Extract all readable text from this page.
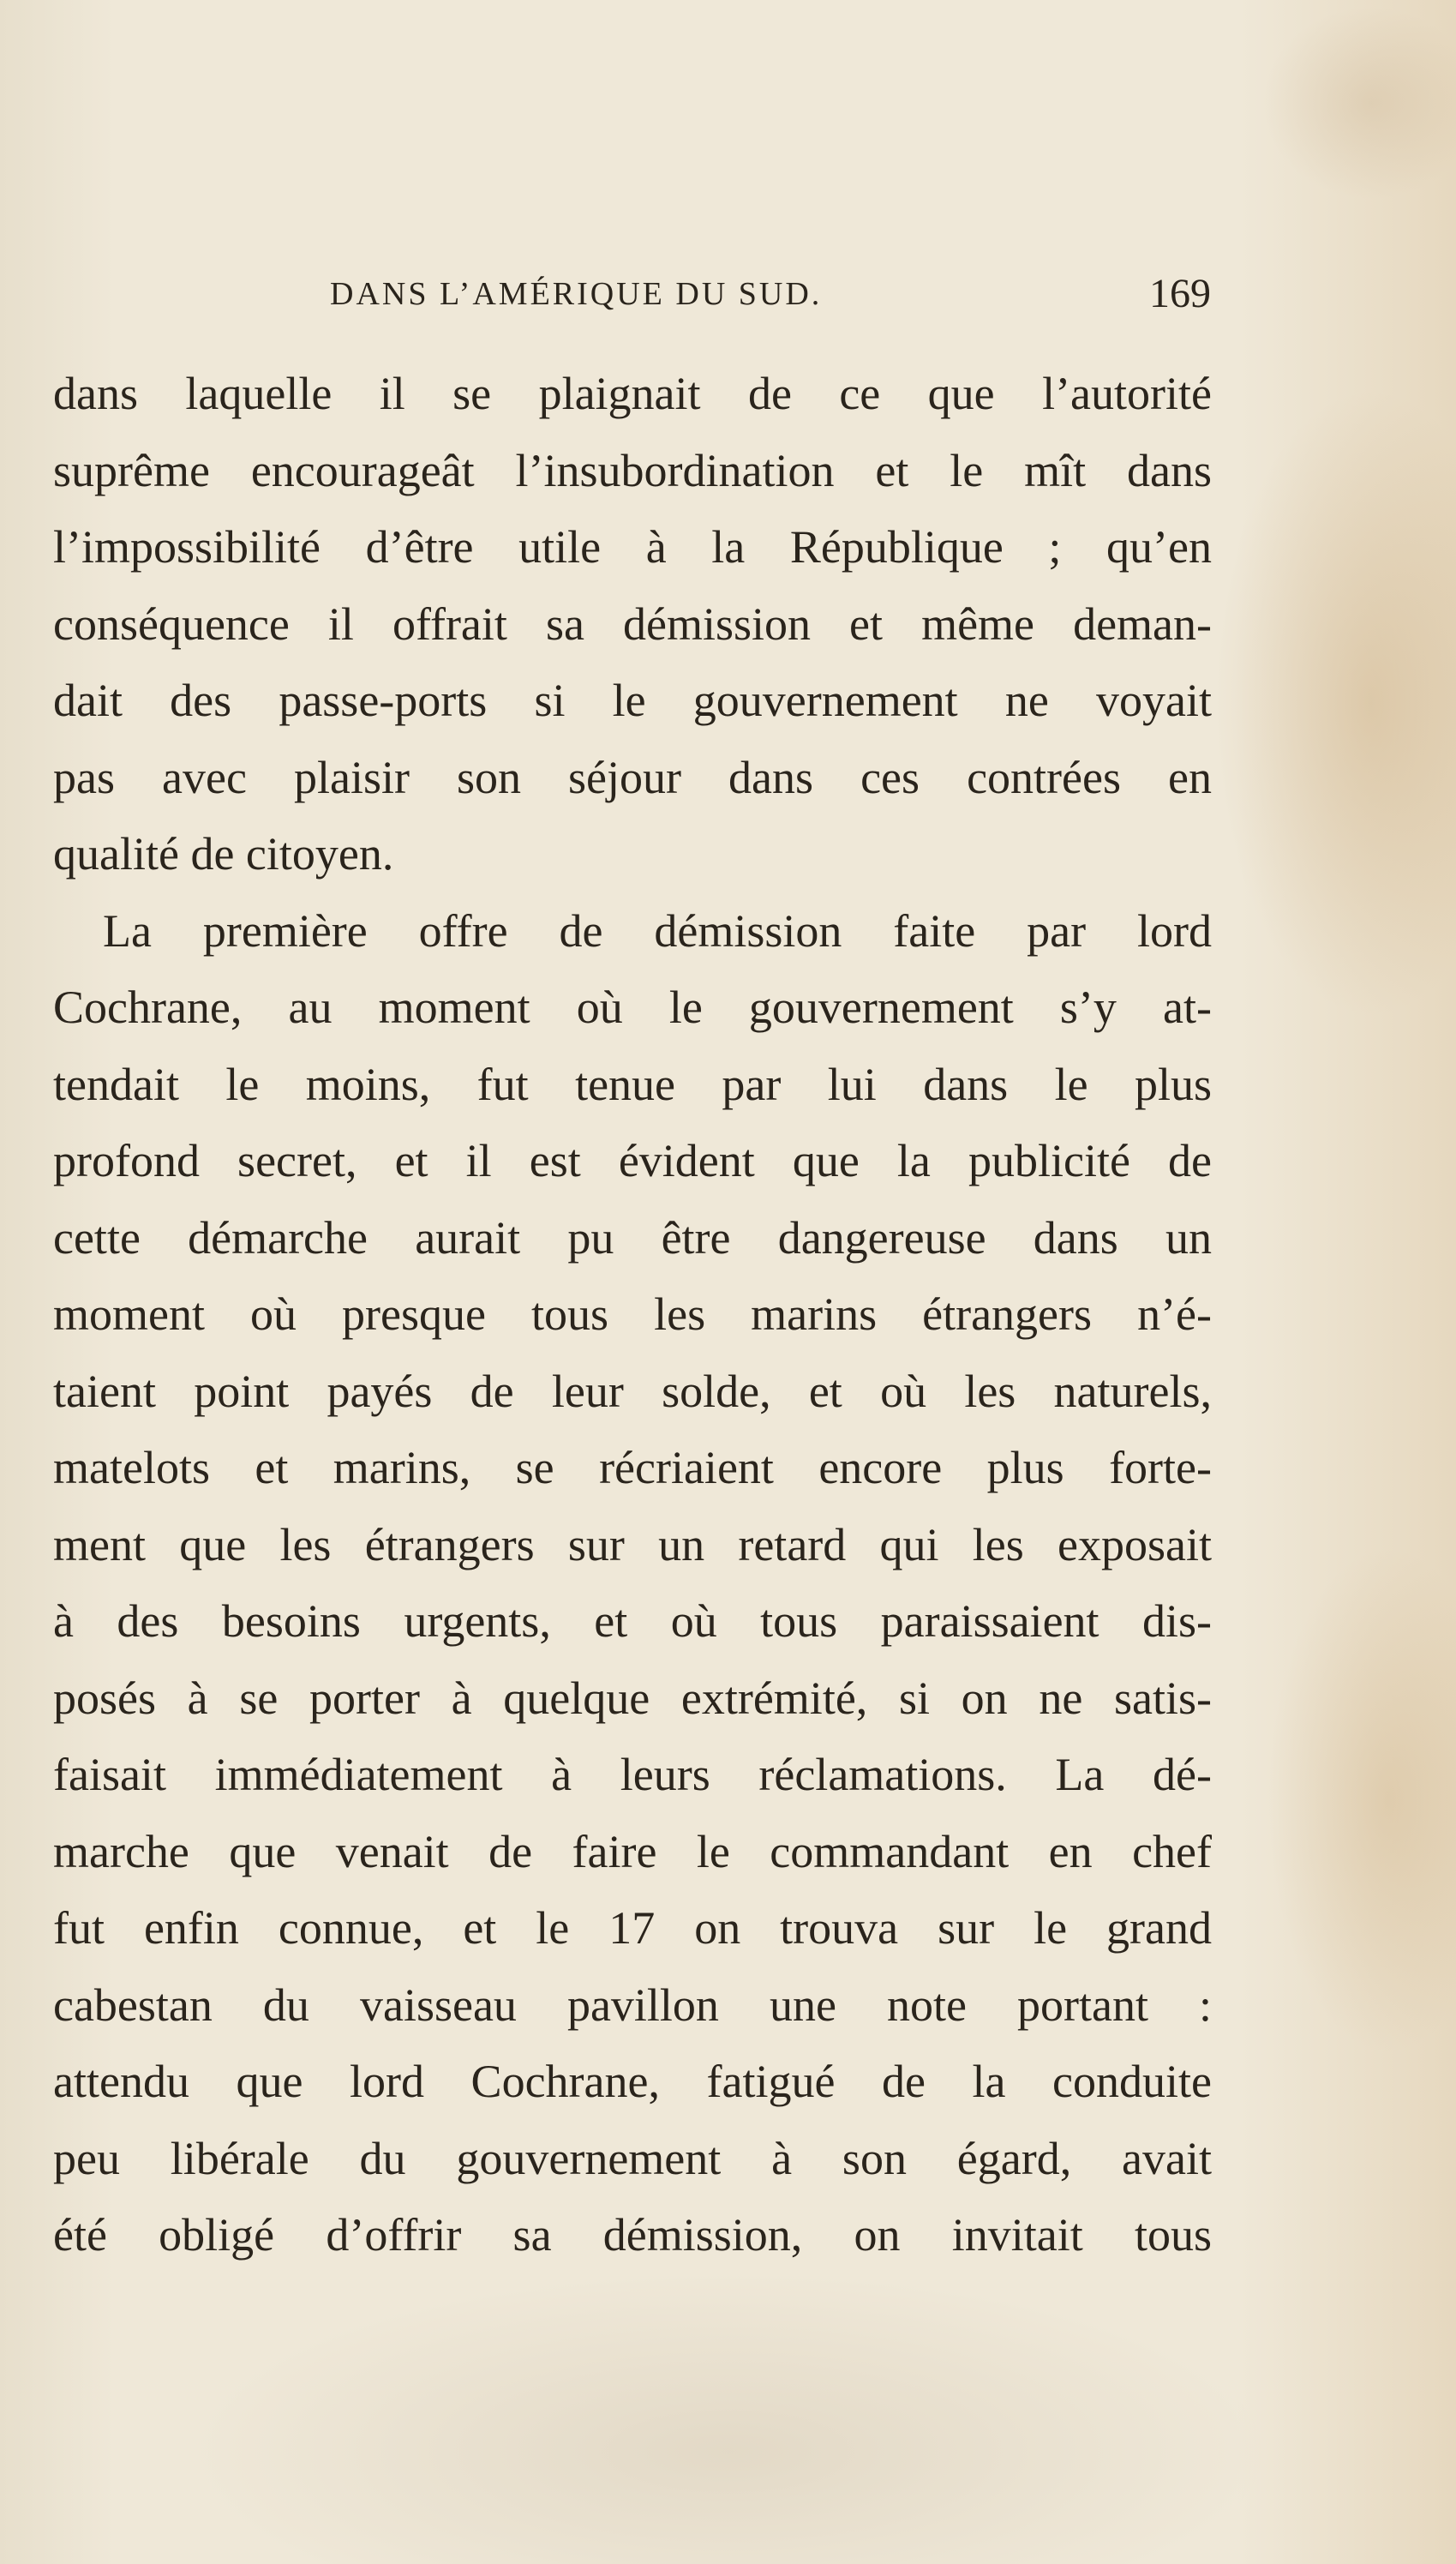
DANS L’AMÉRIQUE DU SUD.	169
dans laquelle il se plaignait de ce que l’autorité
suprême encourageât l’insubordination et le mît dans
l’impossibilité d’être utile à la République ; qu’en
conséquence il offrait sa démission et même deman-
dait des passe-ports si le gouvernement ne voyait
pas avec plaisir son séjour dans ces contrées en
qualité de citoyen.
La première offre de démission faite par lord
Cochrane, au moment où le gouvernement s’y at-
tendait le moins, fut tenue par lui dans le plus
profond secret, et il est évident que la publicité de
cette démarche aurait pu être dangereuse dans un
moment où presque tous les marins étrangers n’é-
taient point payés de leur solde, et où les naturels,
matelots et marins, se récriaient encore plus forte-
ment que les étrangers sur un retard qui les exposait
à des besoins urgents, et où tous paraissaient dis-
posés à se porter à quelque extrémité, si on ne satis-
faisait immédiatement à leurs réclamations. La dé-
marche que venait de faire le commandant en chef
fut enfin connue, et le 17 on trouva sur le grand
cabestan du vaisseau pavillon une note portant :
attendu que lord Cochrane, fatigué de la conduite
peu libérale du gouvernement à son égard, avait
été obligé d’offrir sa démission, on invitait tous
